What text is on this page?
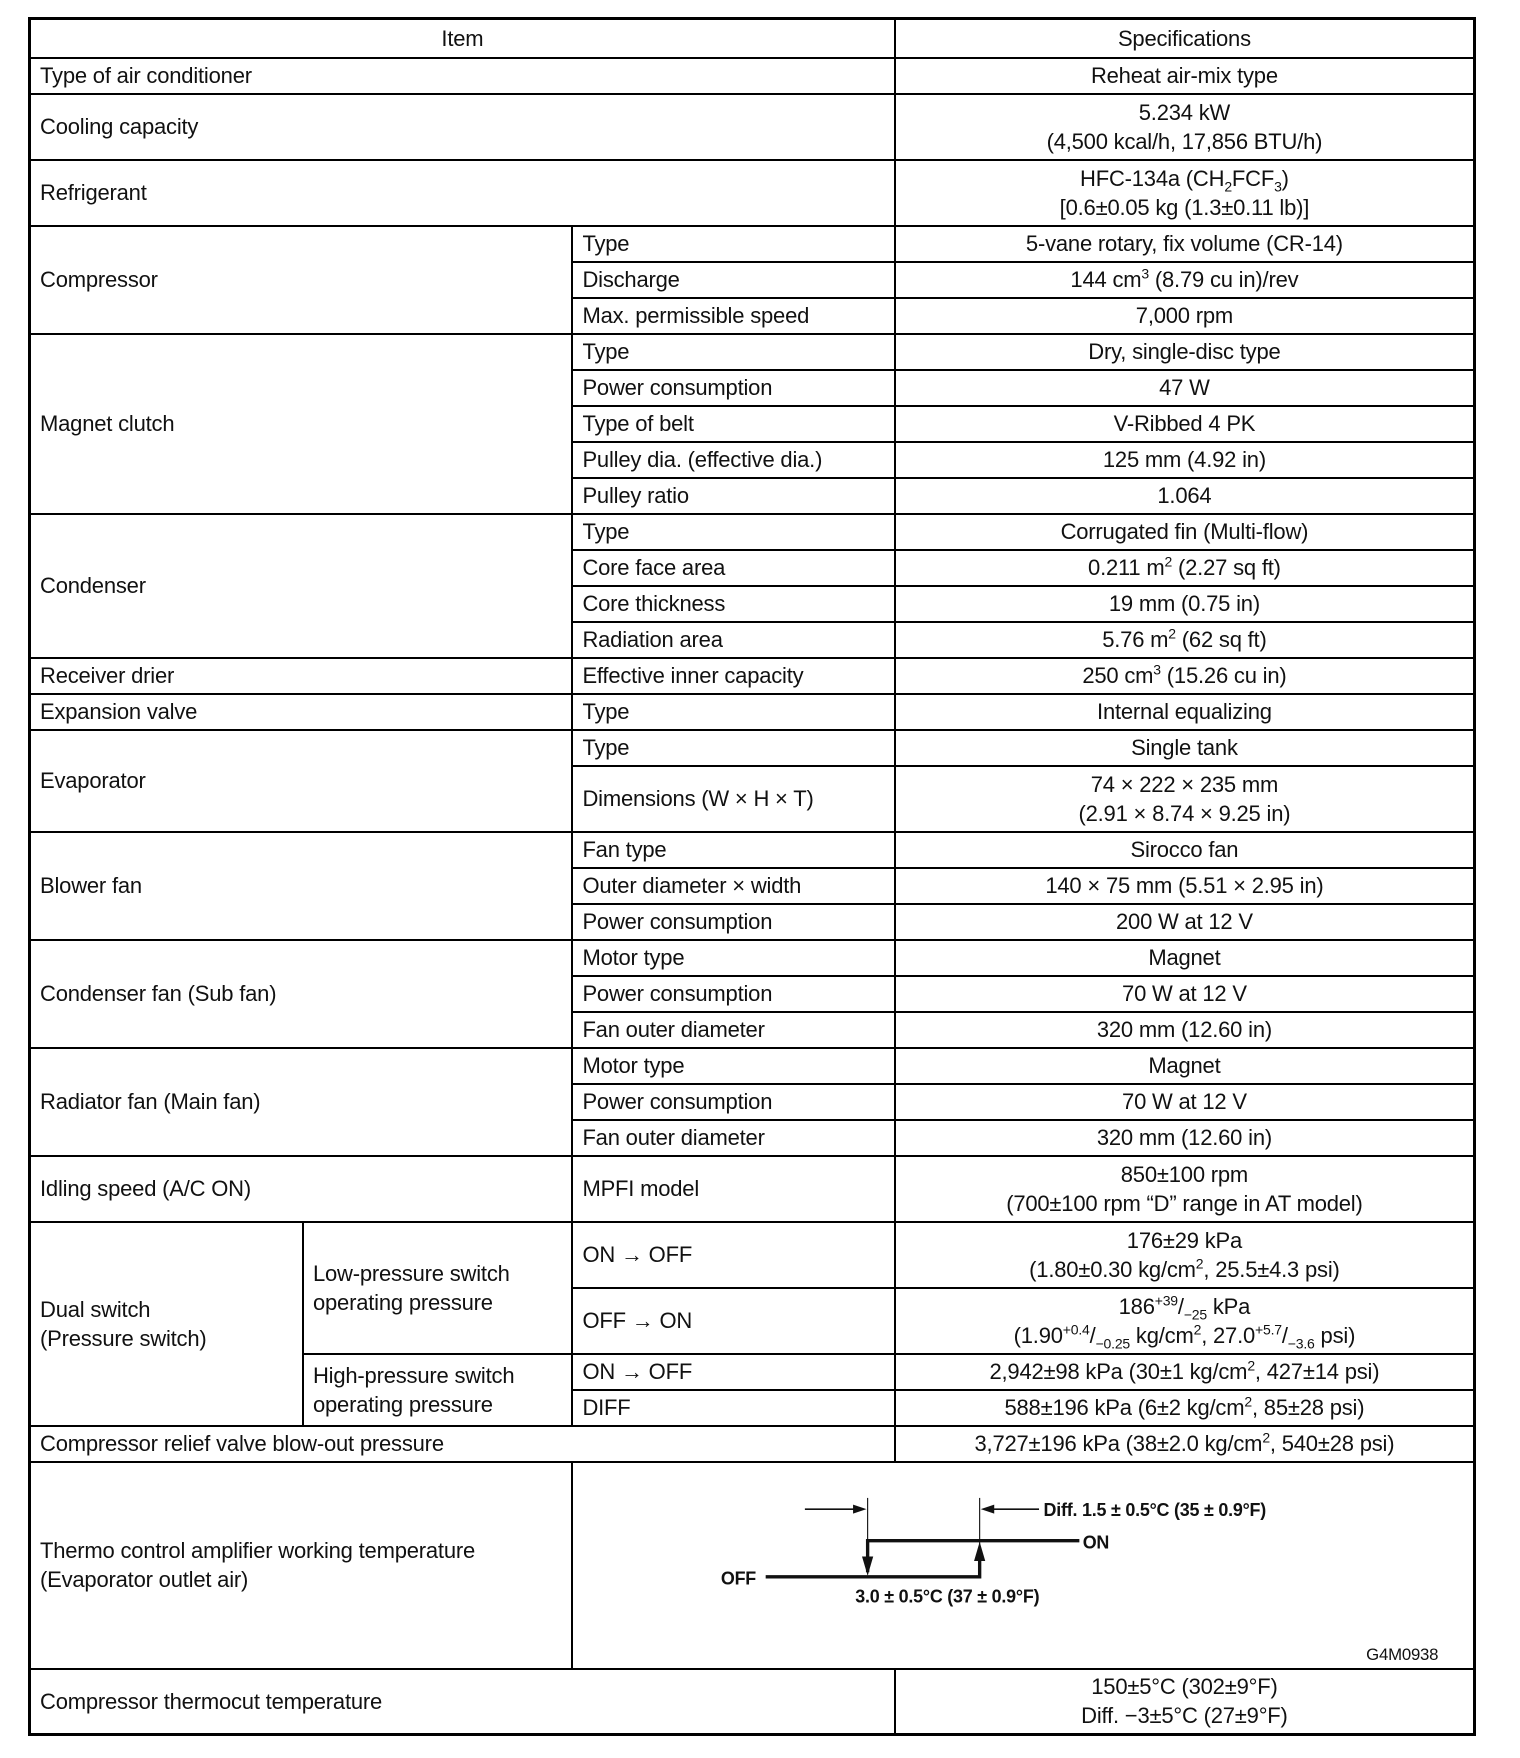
Item			Specifications

Type of air conditioner			Reheat air-mix type

Cooling capacity			5.234 kW
(4,500 kcal/h, 17,856 BTU/h)

Refrigerant			HFC-134a $(CH_2FCF_3)$
[0.6±0.05 kg (1.3±0.11 lb)]

Compressor		Type	5-vane rotary, fix volume (CR-14)

		Discharge	144 $cm^3$ (8.79 cu in)/rev

		Max. permissible speed	7,000 rpm

Magnet clutch		Type	Dry, single-disc type

		Power consumption	47 W

		Type of belt	V-Ribbed 4 PK

		Pulley dia. (effective dia.)	125 mm (4.92 in)

		Pulley ratio	1.064

Condenser		Type	Corrugated fin (Multi-flow)

		Core face area	0.211 $m^2$ (2.27 sq ft)

		Core thickness	19 mm (0.75 in)

		Radiation area	5.76 $m^2$ (62 sq ft)

Receiver drier		Effective inner capacity	250 $cm^3$ (15.26 cu in)

Expansion valve		Type	Internal equalizing

Evaporator		Type	Single tank

		Dimensions (W × H × T)	74 × 222 × 235 mm
(2.91 × 8.74 × 9.25 in)

Blower fan		Fan type	Sirocco fan

		Outer diameter × width	140 × 75 mm (5.51 × 2.95 in)

		Power consumption	200 W at 12 V

Condenser fan (Sub fan)		Motor type	Magnet

		Power consumption	70 W at 12 V

		Fan outer diameter	320 mm (12.60 in)

Radiator fan (Main fan)		Motor type	Magnet

		Power consumption	70 W at 12 V

		Fan outer diameter	320 mm (12.60 in)

Idling speed (A/C ON)		MPFI model	850±100 rpm
(700±100 rpm “D” range in AT model)

Dual switch
(Pressure switch)	Low-pressure switch
operating pressure	ON → OFF	176±29 kPa
(1.80±0.30 $kg/cm^2$, 25.5±4.3 psi)

		OFF → ON	$186^{+39}/_{-25}$ kPa
($1.90^{+0.4}/_{-0.25}$ $kg/cm^2$, $27.0^{+5.7}/_{-3.6}$ psi)

	High-pressure switch
operating pressure	ON → OFF	2,942±98 kPa (30±1 $kg/cm^2$, 427±14 psi)

		DIFF	588±196 kPa (6±2 $kg/cm^2$, 85±28 psi)

Compressor relief valve blow-out pressure			3,727±196 kPa (38±2.0 $kg/cm^2$, 540±28 psi)

Thermo control amplifier working temperature
(Evaporator outlet air)		Diff. 1.5 ± 0.5°C (35 ± 0.9°F)
ON
OFF
3.0 ± 0.5°C (37 ± 0.9°F)
G4M0938	

Compressor thermocut temperature			150±5°C (302±9°F)
Diff. −3±5°C (27±9°F)
